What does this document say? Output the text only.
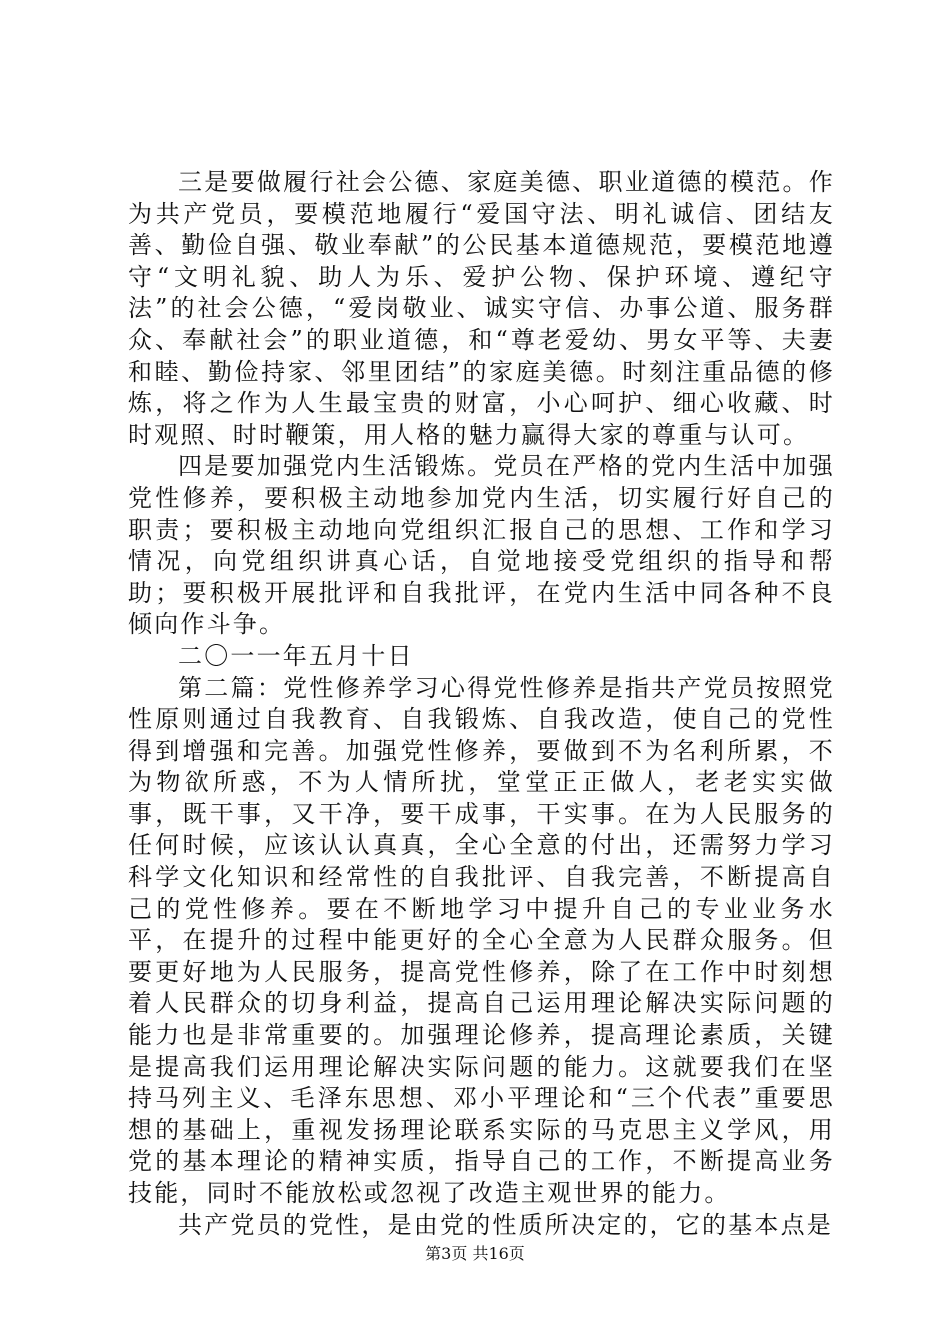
三是要做履行社会公德、家庭美德、职业道德的模范。作为共产党员，要模范地履行“爱国守法、明礼诚信、团结友善、勤俭自强、敬业奉献”的公民基本道德规范，要模范地遵守“文明礼貌、助人为乐、爱护公物、保护环境、遵纪守法”的社会公德，“爱岗敬业、诚实守信、办事公道、服务群众、奉献社会”的职业道德，和“尊老爱幼、男女平等、夫妻和睦、勤俭持家、邻里团结”的家庭美德。时刻注重品德的修炼，将之作为人生最宝贵的财富，小心呵护、细心收藏、时时观照、时时鞭策，用人格的魅力赢得大家的尊重与认可。

四是要加强党内生活锻炼。党员在严格的党内生活中加强党性修养，要积极主动地参加党内生活，切实履行好自己的职责；要积极主动地向党组织汇报自己的思想、工作和学习情况，向党组织讲真心话，自觉地接受党组织的指导和帮助；要积极开展批评和自我批评，在党内生活中同各种不良倾向作斗争。

二〇一一年五月十日

第二篇：党性修养学习心得党性修养是指共产党员按照党性原则通过自我教育、自我锻炼、自我改造，使自己的党性得到增强和完善。加强党性修养，要做到不为名利所累，不为物欲所惑，不为人情所扰，堂堂正正做人，老老实实做事，既干事，又干净，要干成事，干实事。在为人民服务的任何时候，应该认认真真，全心全意的付出，还需努力学习科学文化知识和经常性的自我批评、自我完善，不断提高自己的党性修养。要在不断地学习中提升自己的专业业务水平，在提升的过程中能更好的全心全意为人民群众服务。但要更好地为人民服务，提高党性修养，除了在工作中时刻想着人民群众的切身利益，提高自己运用理论解决实际问题的能力也是非常重要的。加强理论修养，提高理论素质，关键是提高我们运用理论解决实际问题的能力。这就要我们在坚持马列主义、毛泽东思想、邓小平理论和“三个代表”重要思想的基础上，重视发扬理论联系实际的马克思主义学风，用党的基本理论的精神实质，指导自己的工作，不断提高业务技能，同时不能放松或忽视了改造主观世界的能力。

共产党员的党性，是由党的性质所决定的，它的基本点是

第3页 共16页
